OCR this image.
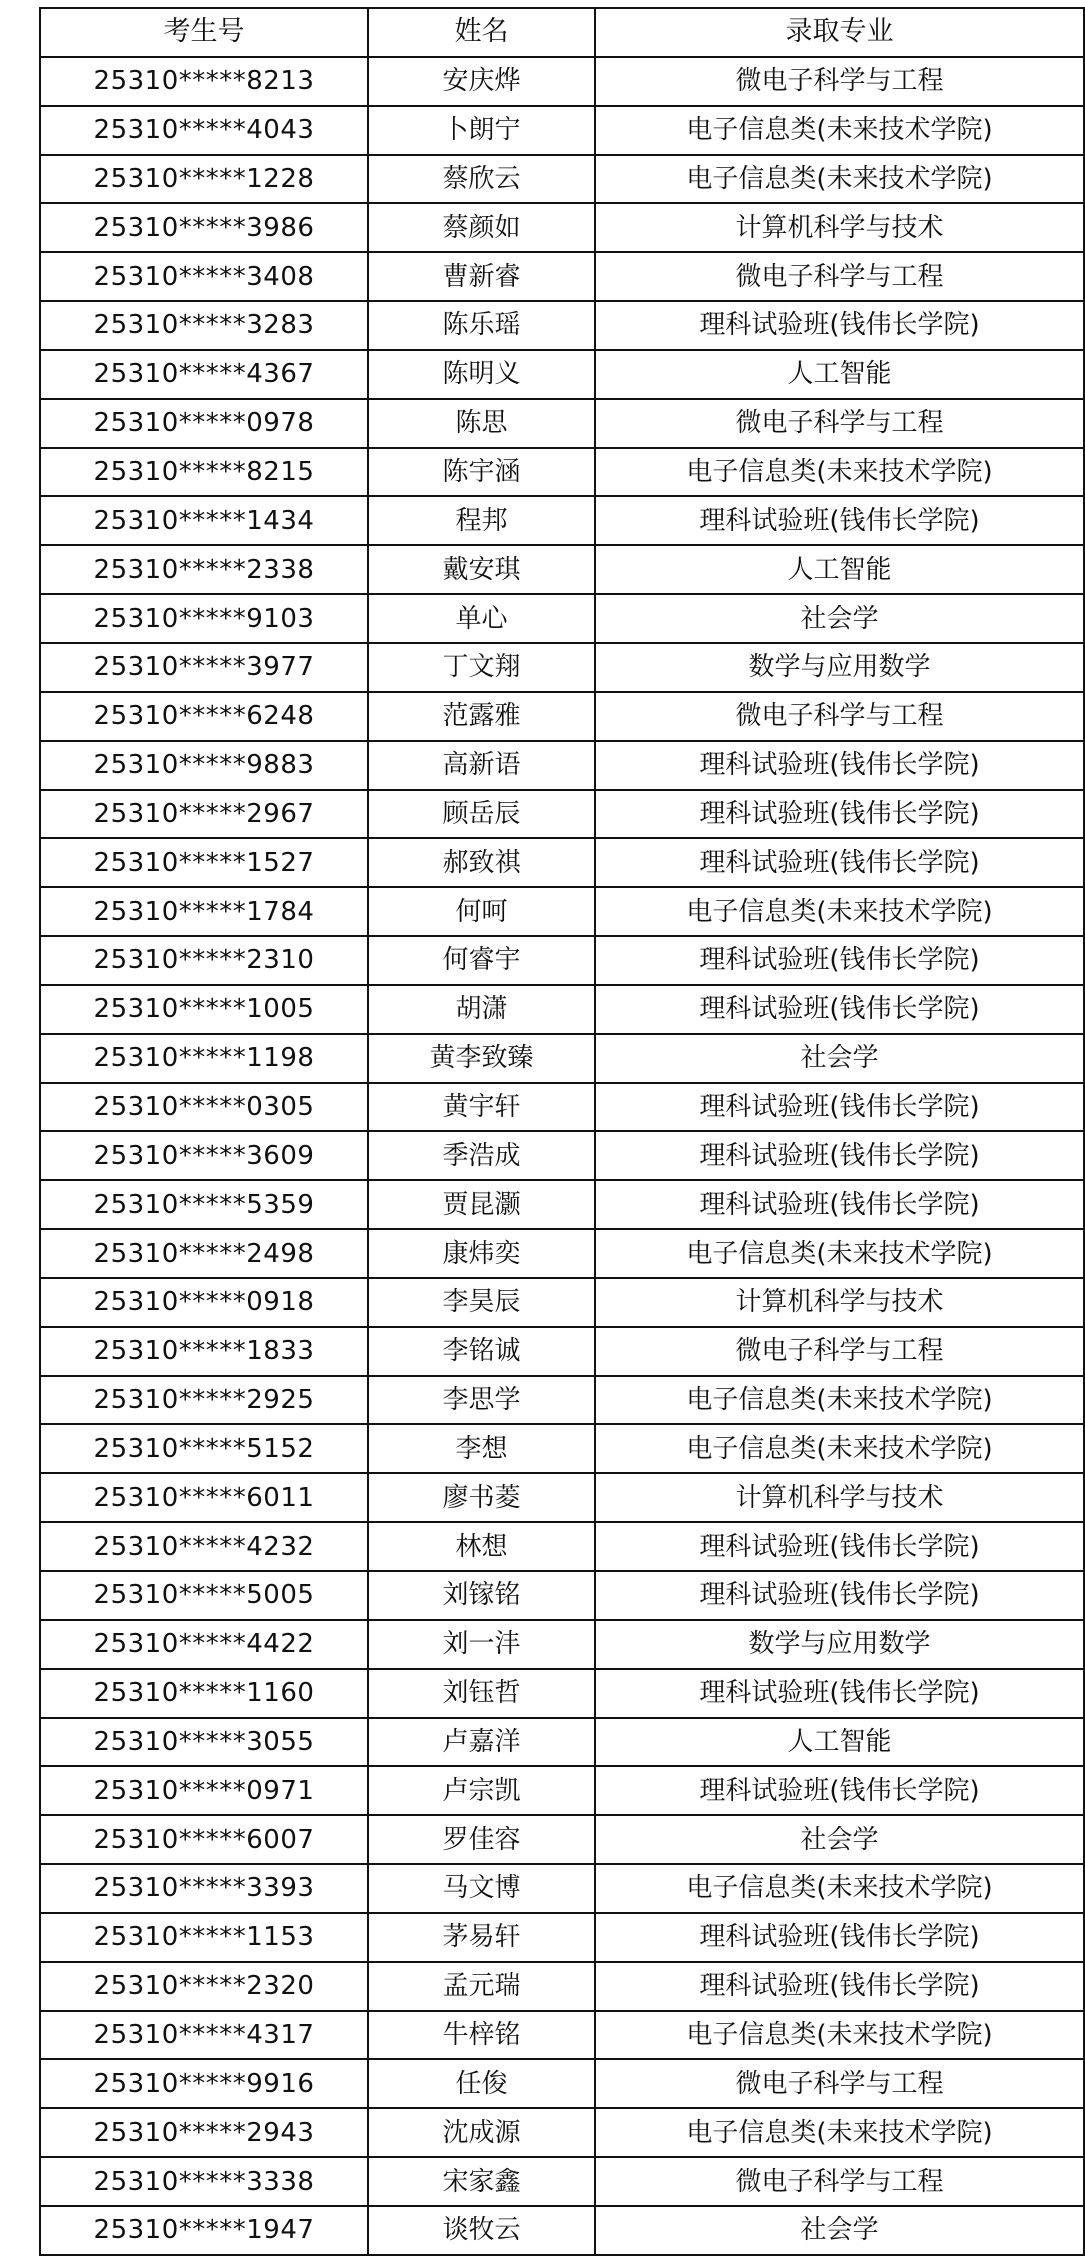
考生号	姓名	录取专业
25310*****8213	安庆烨	微电子科学与工程
25310*****4043	卜朗宁	电子信息类(未来技术学院)
25310*****1228	蔡欣云	电子信息类(未来技术学院)
25310*****3986	蔡颜如	计算机科学与技术
25310*****3408	曹新睿	微电子科学与工程
25310*****3283	陈乐瑶	理科试验班(钱伟长学院)
25310*****4367	陈明义	人工智能
25310*****0978	陈思	微电子科学与工程
25310*****8215	陈宇涵	电子信息类(未来技术学院)
25310*****1434	程邦	理科试验班(钱伟长学院)
25310*****2338	戴安琪	人工智能
25310*****9103	单心	社会学
25310*****3977	丁文翔	数学与应用数学
25310*****6248	范露雅	微电子科学与工程
25310*****9883	高新语	理科试验班(钱伟长学院)
25310*****2967	顾岳辰	理科试验班(钱伟长学院)
25310*****1527	郝致祺	理科试验班(钱伟长学院)
25310*****1784	何呵	电子信息类(未来技术学院)
25310*****2310	何睿宇	理科试验班(钱伟长学院)
25310*****1005	胡潇	理科试验班(钱伟长学院)
25310*****1198	黄李致臻	社会学
25310*****0305	黄宇轩	理科试验班(钱伟长学院)
25310*****3609	季浩成	理科试验班(钱伟长学院)
25310*****5359	贾昆灏	理科试验班(钱伟长学院)
25310*****2498	康炜奕	电子信息类(未来技术学院)
25310*****0918	李昊辰	计算机科学与技术
25310*****1833	李铭诚	微电子科学与工程
25310*****2925	李思学	电子信息类(未来技术学院)
25310*****5152	李想	电子信息类(未来技术学院)
25310*****6011	廖书菱	计算机科学与技术
25310*****4232	林想	理科试验班(钱伟长学院)
25310*****5005	刘镓铭	理科试验班(钱伟长学院)
25310*****4422	刘一沣	数学与应用数学
25310*****1160	刘钰哲	理科试验班(钱伟长学院)
25310*****3055	卢嘉洋	人工智能
25310*****0971	卢宗凯	理科试验班(钱伟长学院)
25310*****6007	罗佳容	社会学
25310*****3393	马文博	电子信息类(未来技术学院)
25310*****1153	茅易轩	理科试验班(钱伟长学院)
25310*****2320	孟元瑞	理科试验班(钱伟长学院)
25310*****4317	牛梓铭	电子信息类(未来技术学院)
25310*****9916	任俊	微电子科学与工程
25310*****2943	沈成源	电子信息类(未来技术学院)
25310*****3338	宋家鑫	微电子科学与工程
25310*****1947	谈牧云	社会学
